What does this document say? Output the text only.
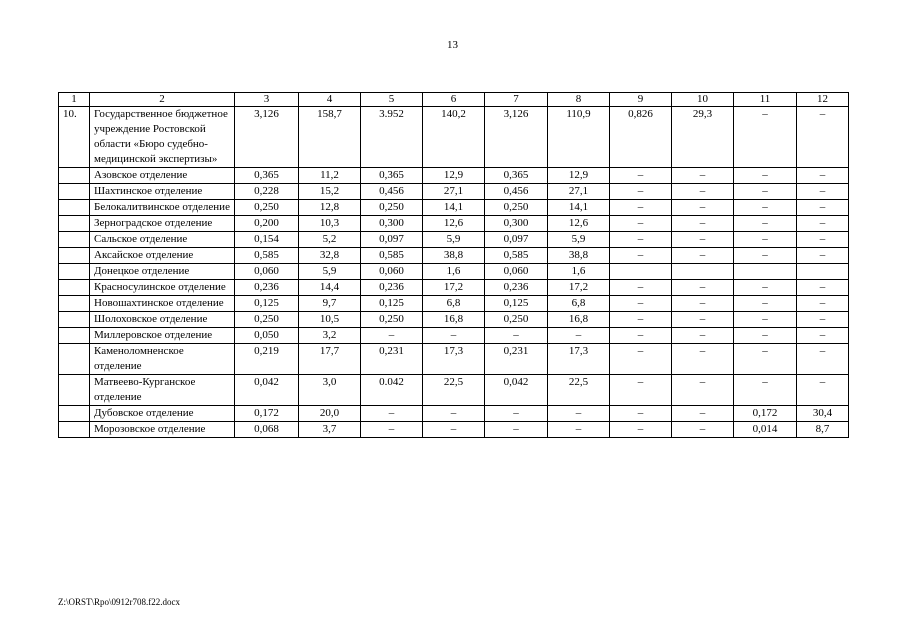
13
1	2	3	4	5	6	7	8	9	10	11	12
10.	Государственное бюджетное учреждение Ростовской области «Бюро судебно-медицинской экспертизы»	3,126	158,7	3.952	140,2	3,126	110,9	0,826	29,3	–	–
	Азовское отделение	0,365	11,2	0,365	12,9	0,365	12,9	–	–	–	–
	Шахтинское отделение	0,228	15,2	0,456	27,1	0,456	27,1	–	–	–	–
	Белокалитвинское отделение	0,250	12,8	0,250	14,1	0,250	14,1	–	–	–	–
	Зерноградское отделение	0,200	10,3	0,300	12,6	0,300	12,6	–	–	–	–
	Сальское отделение	0,154	5,2	0,097	5,9	0,097	5,9	–	–	–	–
	Аксайское отделение	0,585	32,8	0,585	38,8	0,585	38,8	–	–	–	–
	Донецкое отделение	0,060	5,9	0,060	1,6	0,060	1,6				
	Красносулинское отделение	0,236	14,4	0,236	17,2	0,236	17,2	–	–	–	–
	Новошахтинское отделение	0,125	9,7	0,125	6,8	0,125	6,8	–	–	–	–
	Шолоховское отделение	0,250	10,5	0,250	16,8	0,250	16,8	–	–	–	–
	Миллеровское отделение	0,050	3,2	–	–	–	–	–	–	–	–
	Каменоломненское отделение	0,219	17,7	0,231	17,3	0,231	17,3	–	–	–	–
	Матвеево-Курганское отделение	0,042	3,0	0.042	22,5	0,042	22,5	–	–	–	–
	Дубовское отделение	0,172	20,0	–	–	–	–	–	–	0,172	30,4
	Морозовское отделение	0,068	3,7	–	–	–	–	–	–	0,014	8,7
Z:\ORST\Rpo\0912r708.f22.docx
